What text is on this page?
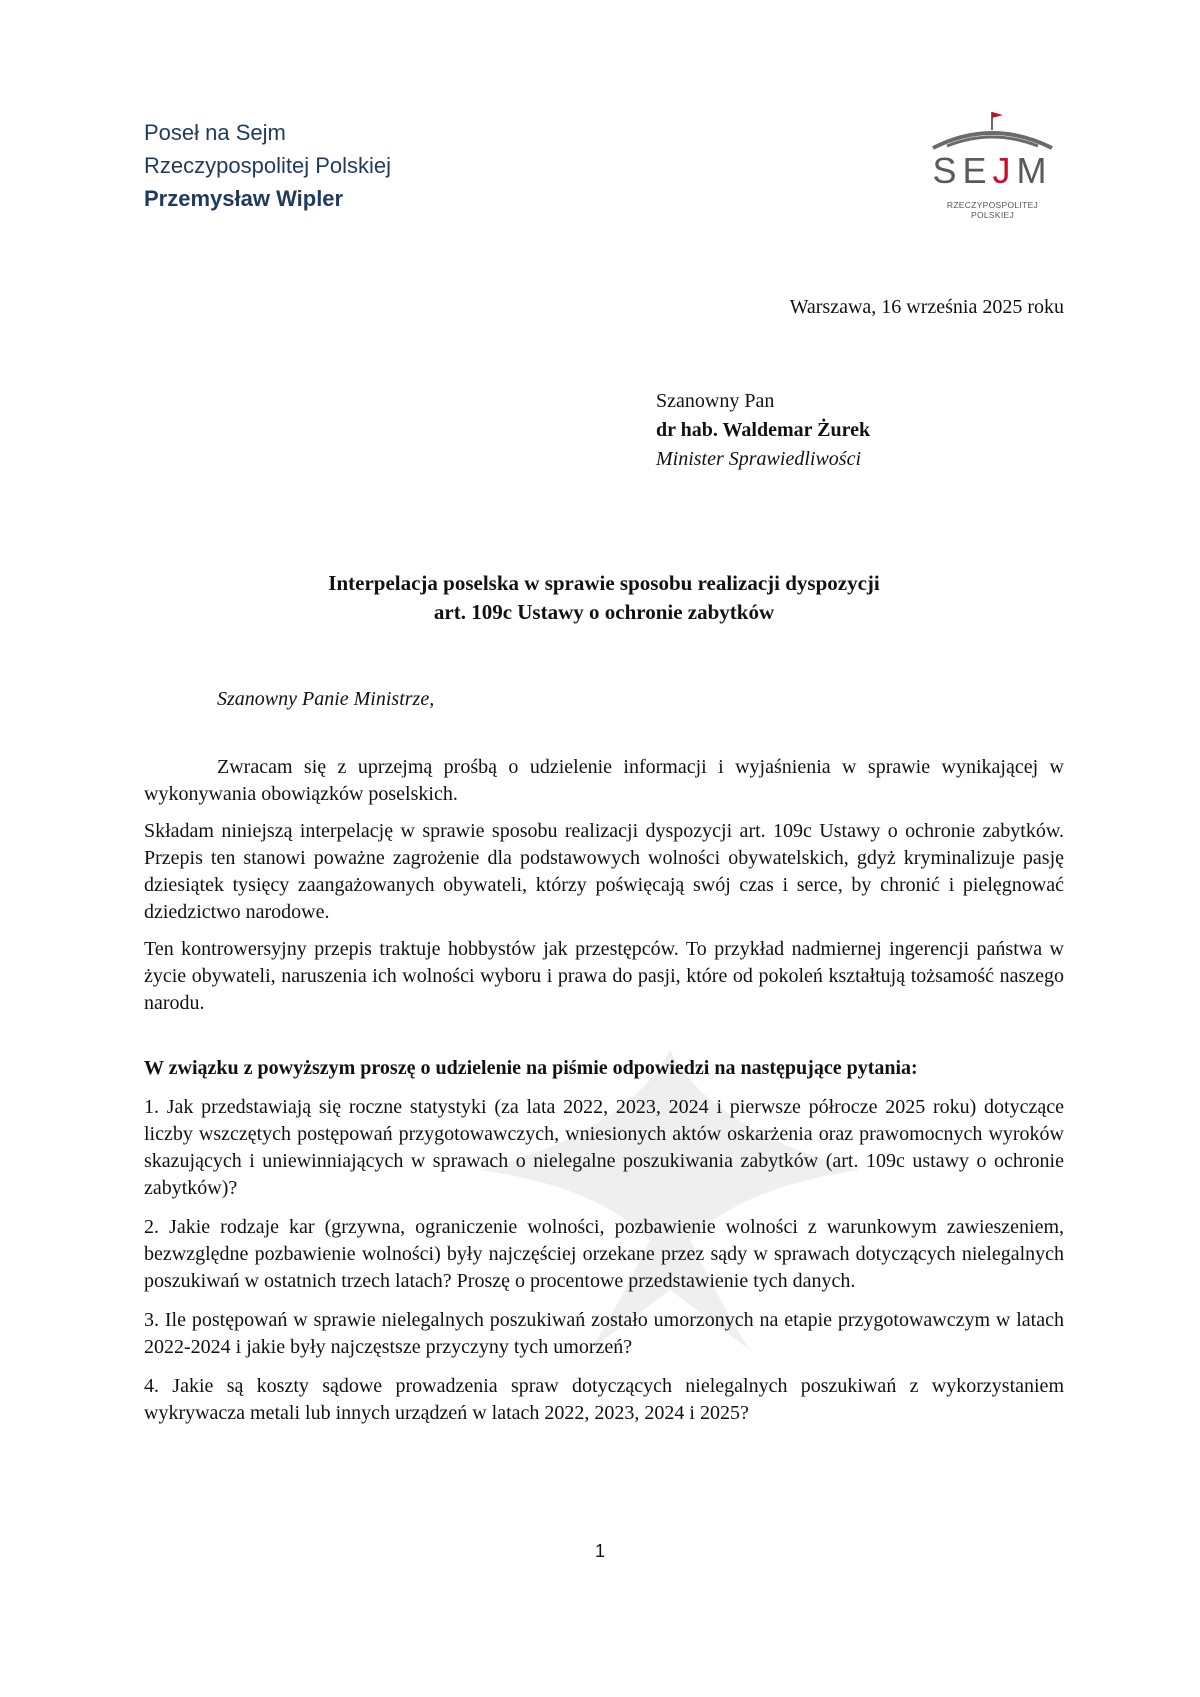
Poseł na Sejm
Rzeczypospolitej Polskiej
Przemysław Wipler
SEJM
RZECZYPOSPOLITEJ POLSKIEJ
Warszawa, 16 września 2025 roku
Szanowny Pan
dr hab. Waldemar Żurek
Minister Sprawiedliwości
Interpelacja poselska w sprawie sposobu realizacji dyspozycji
art. 109c Ustawy o ochronie zabytków
Szanowny Panie Ministrze,

Zwracam się z uprzejmą prośbą o udzielenie informacji i wyjaśnienia w sprawie wynikającej w wykonywania obowiązków poselskich.

Składam niniejszą interpelację w sprawie sposobu realizacji dyspozycji art. 109c Ustawy o ochronie zabytków. Przepis ten stanowi poważne zagrożenie dla podstawowych wolności obywatelskich, gdyż kryminalizuje pasję dziesiątek tysięcy zaangażowanych obywateli, którzy poświęcają swój czas i serce, by chronić i pielęgnować dziedzictwo narodowe.

Ten kontrowersyjny przepis traktuje hobbystów jak przestępców. To przykład nadmiernej ingerencji państwa w życie obywateli, naruszenia ich wolności wyboru i prawa do pasji, które od pokoleń kształtują tożsamość naszego narodu.

W związku z powyższym proszę o udzielenie na piśmie odpowiedzi na następujące pytania:

1. Jak przedstawiają się roczne statystyki (za lata 2022, 2023, 2024 i pierwsze półrocze 2025 roku) dotyczące liczby wszczętych postępowań przygotowawczych, wniesionych aktów oskarżenia oraz prawomocnych wyroków skazujących i uniewinniających w sprawach o nielegalne poszukiwania zabytków (art. 109c ustawy o ochronie zabytków)?

2. Jakie rodzaje kar (grzywna, ograniczenie wolności, pozbawienie wolności z warunkowym zawieszeniem, bezwzględne pozbawienie wolności) były najczęściej orzekane przez sądy w sprawach dotyczących nielegalnych poszukiwań w ostatnich trzech latach? Proszę o procentowe przedstawienie tych danych.

3. Ile postępowań w sprawie nielegalnych poszukiwań zostało umorzonych na etapie przygotowawczym w latach 2022-2024 i jakie były najczęstsze przyczyny tych umorzeń?

4. Jakie są koszty sądowe prowadzenia spraw dotyczących nielegalnych poszukiwań z wykorzystaniem wykrywacza metali lub innych urządzeń w latach 2022, 2023, 2024 i 2025?

1
